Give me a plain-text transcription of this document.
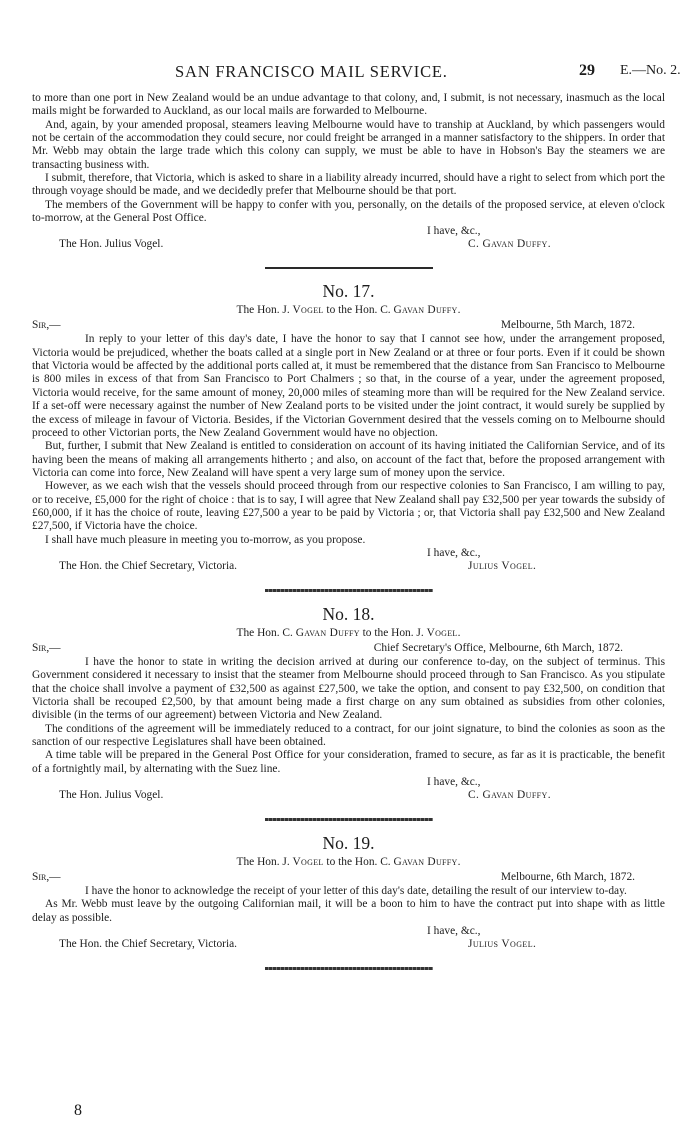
SAN FRANCISCO MAIL SERVICE.	29 E.—No. 2.

to more than one port in New Zealand would be an undue advantage to that colony, and, I submit, is not necessary, inasmuch as the local mails might be forwarded to Auckland, as our local mails are forwarded to Melbourne.

And, again, by your amended proposal, steamers leaving Melbourne would have to tranship at Auckland, by which passengers would not be certain of the accommodation they could secure, nor could freight be arranged in a manner satisfactory to the shippers. In order that Mr. Webb may obtain the large trade which this colony can supply, we must be able to have in Hobson's Bay the steamers we are transacting business with.

I submit, therefore, that Victoria, which is asked to share in a liability already incurred, should have a right to select from which port the through voyage should be made, and we decidedly prefer that Melbourne should be that port.

The members of the Government will be happy to confer with you, personally, on the details of the proposed service, at eleven o'clock to-morrow, at the General Post Office.

I have, &c.,
The Hon. Julius Vogel.	C. Gavan Duffy.
No. 17.
The Hon. J. Vogel to the Hon. C. Gavan Duffy.
Sir,—	Melbourne, 5th March, 1872.

In reply to your letter of this day's date, I have the honor to say that I cannot see how, under the arrangement proposed, Victoria would be prejudiced, whether the boats called at a single port in New Zealand or at three or four ports. Even if it could be shown that Victoria would be affected by the additional ports called at, it must be remembered that the distance from San Francisco to Melbourne is 800 miles in excess of that from San Francisco to Port Chalmers ; so that, in the course of a year, under the agreement proposed, Victoria would receive, for the same amount of money, 20,000 miles of steaming more than will be required for the New Zealand service. If a set-off were necessary against the number of New Zealand ports to be visited under the joint contract, it would surely be supplied by the excess of mileage in favour of Victoria. Besides, if the Victorian Government desired that the vessels coming on to Melbourne should proceed to other Victorian ports, the New Zealand Government would have no objection.

But, further, I submit that New Zealand is entitled to consideration on account of its having initiated the Californian Service, and of its having been the means of making all arrangements hitherto ; and also, on account of the fact that, before the proposed arrangement with Victoria can come into force, New Zealand will have spent a very large sum of money upon the service.

However, as we each wish that the vessels should proceed through from our respective colonies to San Francisco, I am willing to pay, or to receive, £5,000 for the right of choice : that is to say, I will agree that New Zealand shall pay £32,500 per year towards the subsidy of £60,000, if it has the choice of route, leaving £27,500 a year to be paid by Victoria ; or, that Victoria shall pay £32,500 and New Zealand £27,500, if Victoria have the choice.

I shall have much pleasure in meeting you to-morrow, as you propose.

I have, &c.,
The Hon. the Chief Secretary, Victoria.	Julius Vogel.
No. 18.
The Hon. C. Gavan Duffy to the Hon. J. Vogel.
Sir,—	Chief Secretary's Office, Melbourne, 6th March, 1872.

I have the honor to state in writing the decision arrived at during our conference to-day, on the subject of terminus. This Government considered it necessary to insist that the steamer from Melbourne should proceed through to San Francisco. As you stipulate that the choice shall involve a payment of £32,500 as against £27,500, we take the option, and consent to pay £32,500, on condition that Victoria shall be recouped £2,500, by that amount being made a first charge on any sum obtained as subsidies from other colonies, divisible (in the terms of our agreement) between Victoria and New Zealand.

The conditions of the agreement will be immediately reduced to a contract, for our joint signature, to bind the colonies as soon as the sanction of our respective Legislatures shall have been obtained.

A time table will be prepared in the General Post Office for your consideration, framed to secure, as far as it is practicable, the benefit of a fortnightly mail, by alternating with the Suez line.

I have, &c.,
The Hon. Julius Vogel.	C. Gavan Duffy.
No. 19.
The Hon. J. Vogel to the Hon. C. Gavan Duffy.
Sir,—	Melbourne, 6th March, 1872.

I have the honor to acknowledge the receipt of your letter of this day's date, detailing the result of our interview to-day.

As Mr. Webb must leave by the outgoing Californian mail, it will be a boon to him to have the contract put into shape with as little delay as possible.

I have, &c.,
The Hon. the Chief Secretary, Victoria.	Julius Vogel.
8
